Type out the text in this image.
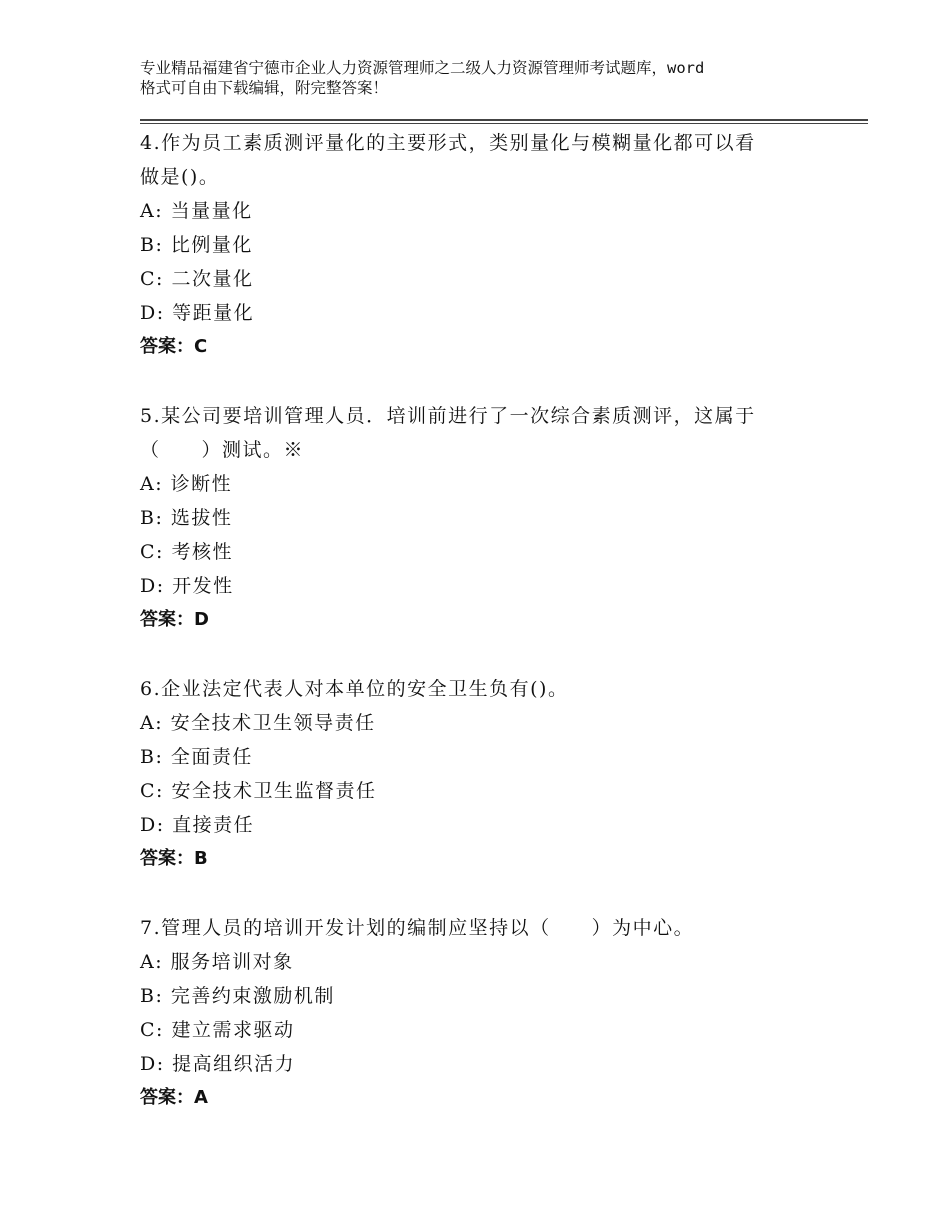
专业精品福建省宁德市企业人力资源管理师之二级人力资源管理师考试题库，word
格式可自由下载编辑，附完整答案！

4.作为员工素质测评量化的主要形式，类别量化与模糊量化都可以看

做是()。

A: 当量量化

B: 比例量化

C: 二次量化

D: 等距量化

答案：C

5.某公司要培训管理人员．培训前进行了一次综合素质测评，这属于

（　　）测试。※

A: 诊断性

B: 选拔性

C: 考核性

D: 开发性

答案：D

6.企业法定代表人对本单位的安全卫生负有()。

A: 安全技术卫生领导责任

B: 全面责任

C: 安全技术卫生监督责任

D: 直接责任

答案：B

7.管理人员的培训开发计划的编制应坚持以（　　）为中心。

A: 服务培训对象

B: 完善约束激励机制

C: 建立需求驱动

D: 提高组织活力

答案：A
